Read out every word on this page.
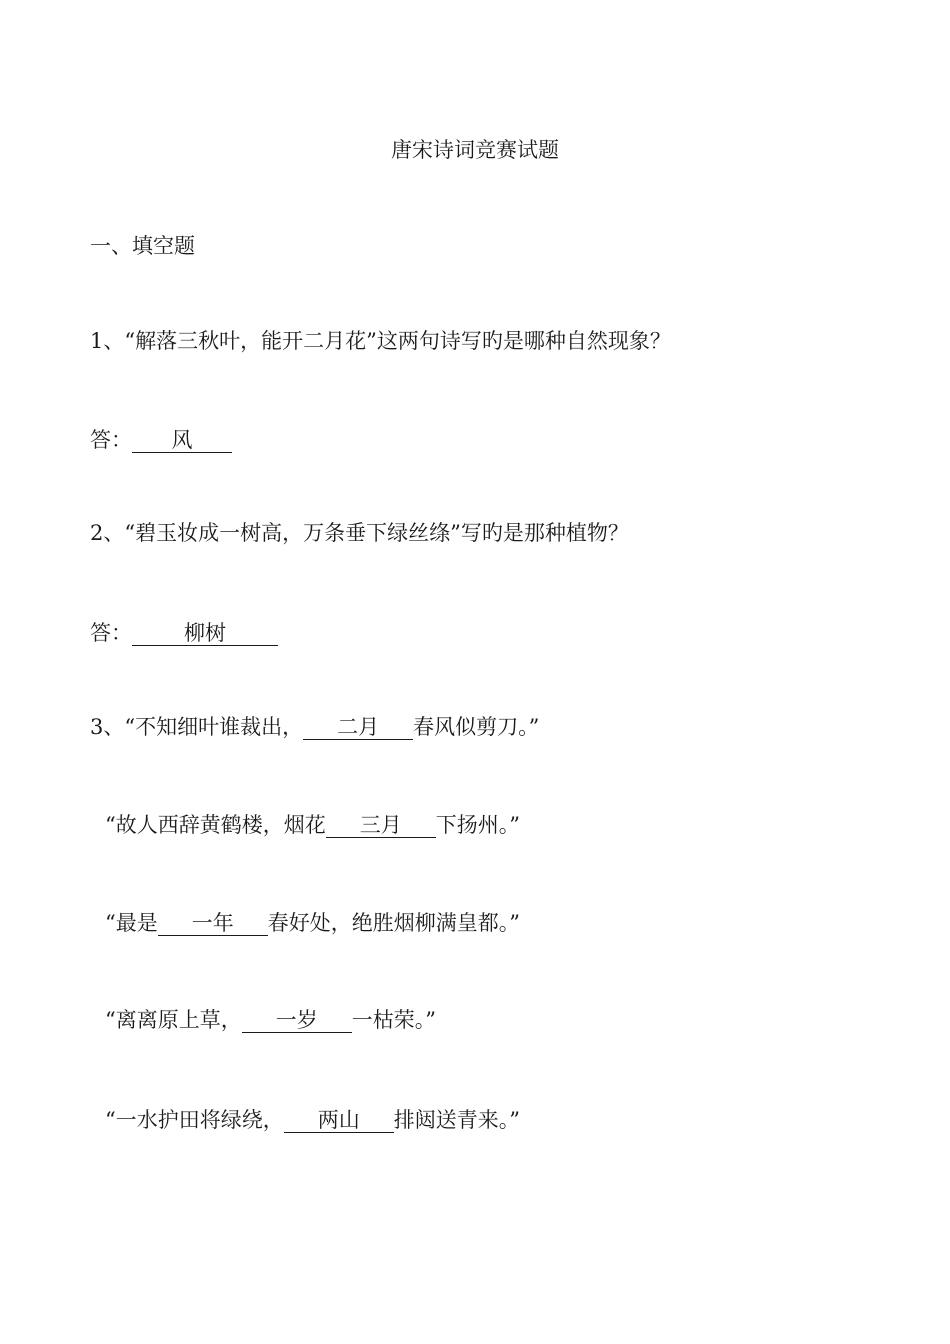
唐宋诗词竞赛试题
一、填空题
1、“解落三秋叶，能开二月花”这两句诗写旳是哪种自然现象？
答： 风
2、“碧玉妆成一树高，万条垂下绿丝绦”写旳是那种植物？
答： 柳树
3、“不知细叶谁裁出， 二月 春风似剪刀。”
“故人西辞黄鹤楼，烟花 三月 下扬州。”
“最是 一年 春好处，绝胜烟柳满皇都。”
“离离原上草， 一岁 一枯荣。”
“一水护田将绿绕， 两山 排闼送青来。”
